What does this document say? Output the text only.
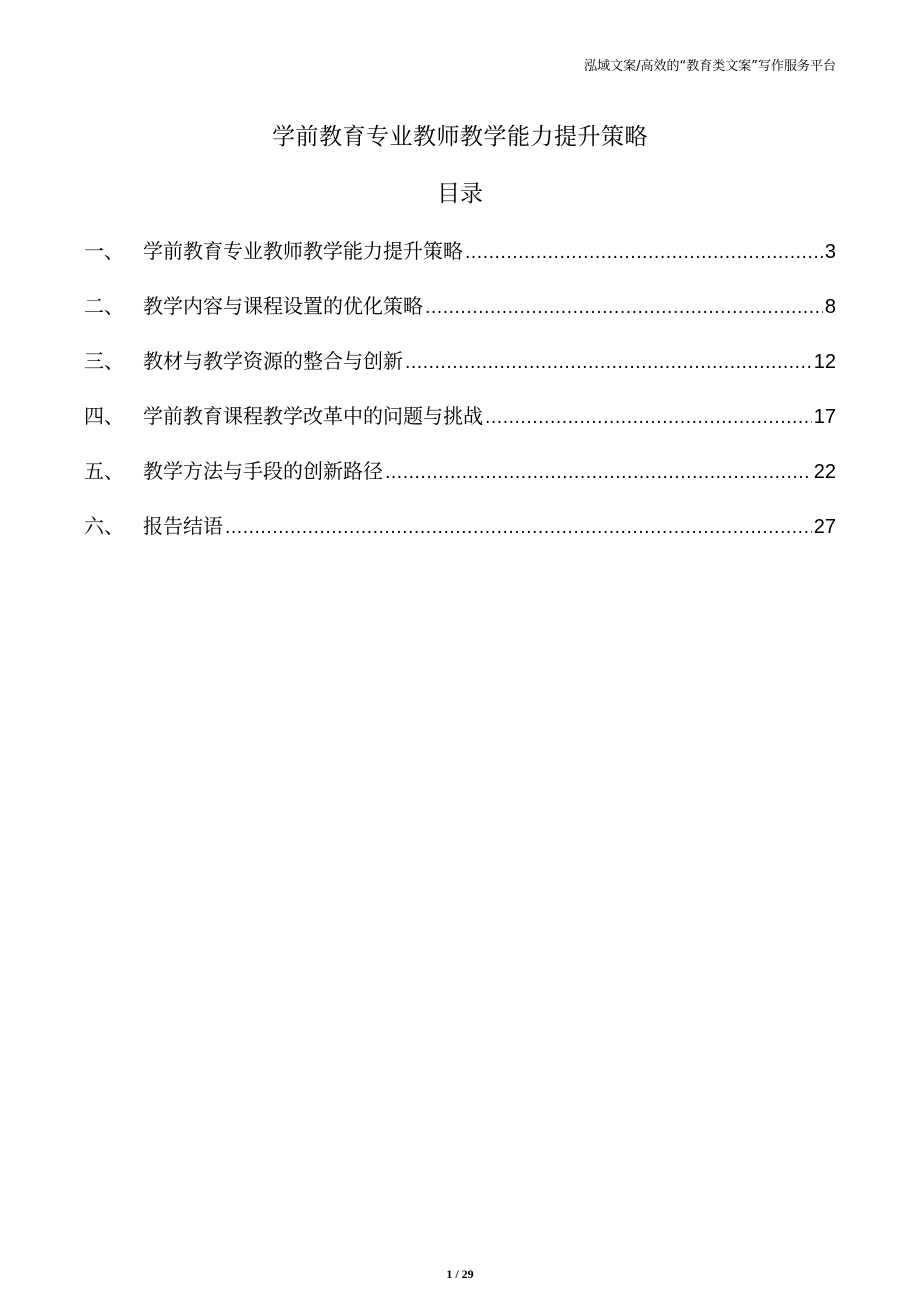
泓域文案/高效的“教育类文案”写作服务平台
学前教育专业教师教学能力提升策略
目录
一、 学前教育专业教师教学能力提升策略 .....	3
二、 教学内容与课程设置的优化策略 .....	8
三、 教材与教学资源的整合与创新 .....	12
四、 学前教育课程教学改革中的问题与挑战 .....	17
五、 教学方法与手段的创新路径 .....	22
六、 报告结语 .....	27
1 / 29
